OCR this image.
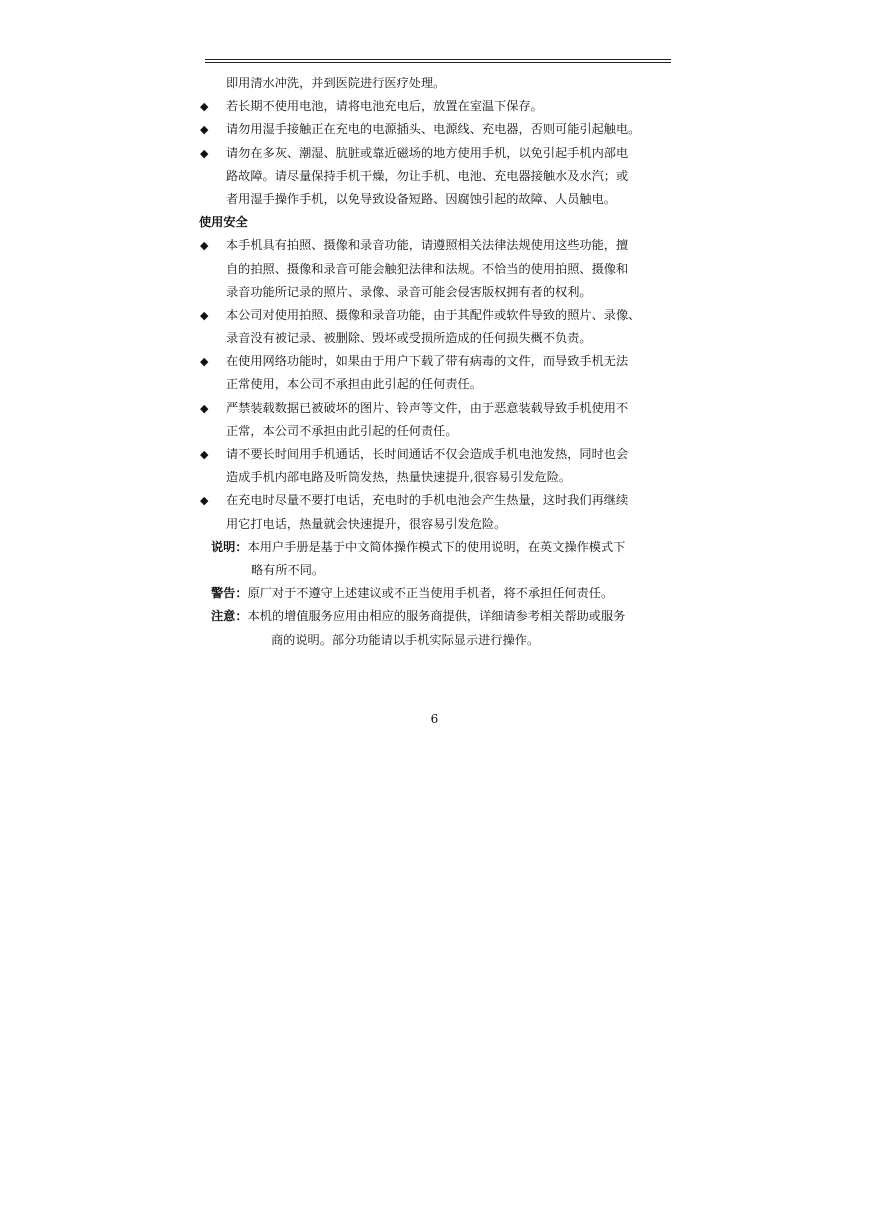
即用清水冲洗，并到医院进行医疗处理。
◆ 若长期不使用电池，请将电池充电后，放置在室温下保存。
◆ 请勿用湿手接触正在充电的电源插头、电源线、充电器，否则可能引起触电。
◆ 请勿在多灰、潮湿、肮脏或靠近磁场的地方使用手机，以免引起手机内部电
路故障。请尽量保持手机干燥，勿让手机、电池、充电器接触水及水汽；或
者用湿手操作手机，以免导致设备短路、因腐蚀引起的故障、人员触电。
使用安全
◆ 本手机具有拍照、摄像和录音功能，请遵照相关法律法规使用这些功能，擅
自的拍照、摄像和录音可能会触犯法律和法规。不恰当的使用拍照、摄像和
录音功能所记录的照片、录像、录音可能会侵害版权拥有者的权利。
◆ 本公司对使用拍照、摄像和录音功能，由于其配件或软件导致的照片、录像、
录音没有被记录、被删除、毁坏或受损所造成的任何损失概不负责。
◆ 在使用网络功能时，如果由于用户下载了带有病毒的文件，而导致手机无法
正常使用，本公司不承担由此引起的任何责任。
◆ 严禁装载数据已被破坏的图片、铃声等文件，由于恶意装载导致手机使用不
正常，本公司不承担由此引起的任何责任。
◆ 请不要长时间用手机通话，长时间通话不仅会造成手机电池发热，同时也会
造成手机内部电路及听筒发热，热量快速提升,很容易引发危险。
◆ 在充电时尽量不要打电话，充电时的手机电池会产生热量，这时我们再继续
用它打电话，热量就会快速提升，很容易引发危险。
说明：本用户手册是基于中文简体操作模式下的使用说明，在英文操作模式下
略有所不同。
警告：原厂对于不遵守上述建议或不正当使用手机者，将不承担任何责任。
注意：本机的增值服务应用由相应的服务商提供，详细请参考相关帮助或服务
商的说明。部分功能请以手机实际显示进行操作。
6
